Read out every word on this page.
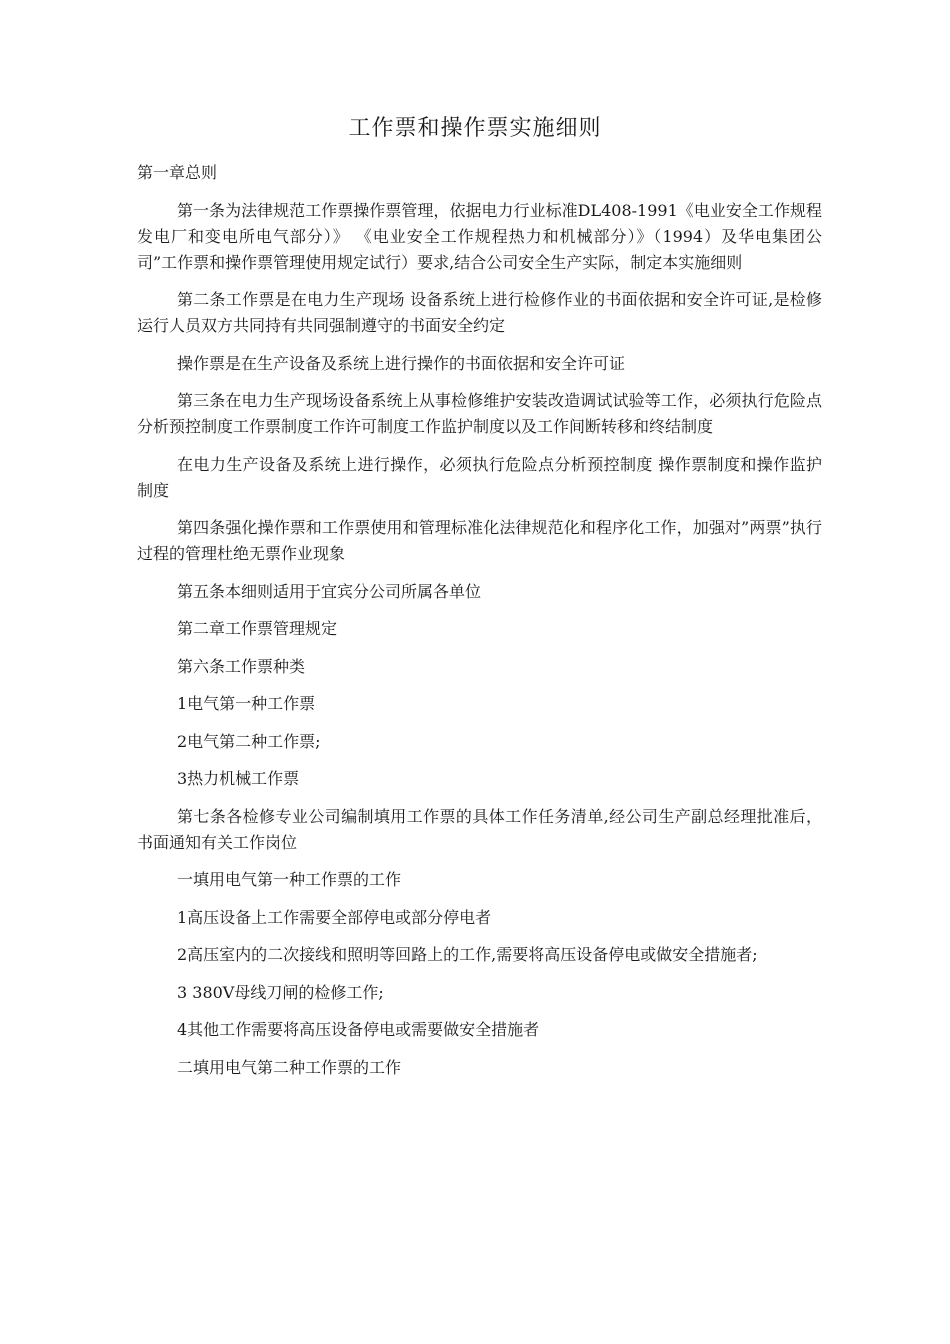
工作票和操作票实施细则

第一章总则

第一条为法律规范工作票操作票管理，依据电力行业标准DL408-1991《电业安全工作规程发电厂和变电所电气部分）》 《电业安全工作规程热力和机械部分）》（1994）及华电集团公司”工作票和操作票管理使用规定试行）要求,结合公司安全生产实际，制定本实施细则

第二条工作票是在电力生产现场 设备系统上进行检修作业的书面依据和安全许可证,是检修运行人员双方共同持有共同强制遵守的书面安全约定

操作票是在生产设备及系统上进行操作的书面依据和安全许可证

第三条在电力生产现场设备系统上从事检修维护安装改造调试试验等工作，必须执行危险点分析预控制度工作票制度工作许可制度工作监护制度以及工作间断转移和终结制度

在电力生产设备及系统上进行操作，必须执行危险点分析预控制度 操作票制度和操作监护制度

第四条强化操作票和工作票使用和管理标准化法律规范化和程序化工作，加强对”两票”执行过程的管理杜绝无票作业现象

第五条本细则适用于宜宾分公司所属各单位

第二章工作票管理规定

第六条工作票种类

1电气第一种工作票

2电气第二种工作票;

3热力机械工作票

第七条各检修专业公司编制填用工作票的具体工作任务清单,经公司生产副总经理批准后，书面通知有关工作岗位

一填用电气第一种工作票的工作

1高压设备上工作需要全部停电或部分停电者

2高压室内的二次接线和照明等回路上的工作,需要将高压设备停电或做安全措施者;

3 380V母线刀闸的检修工作;

4其他工作需要将高压设备停电或需要做安全措施者

二填用电气第二种工作票的工作
